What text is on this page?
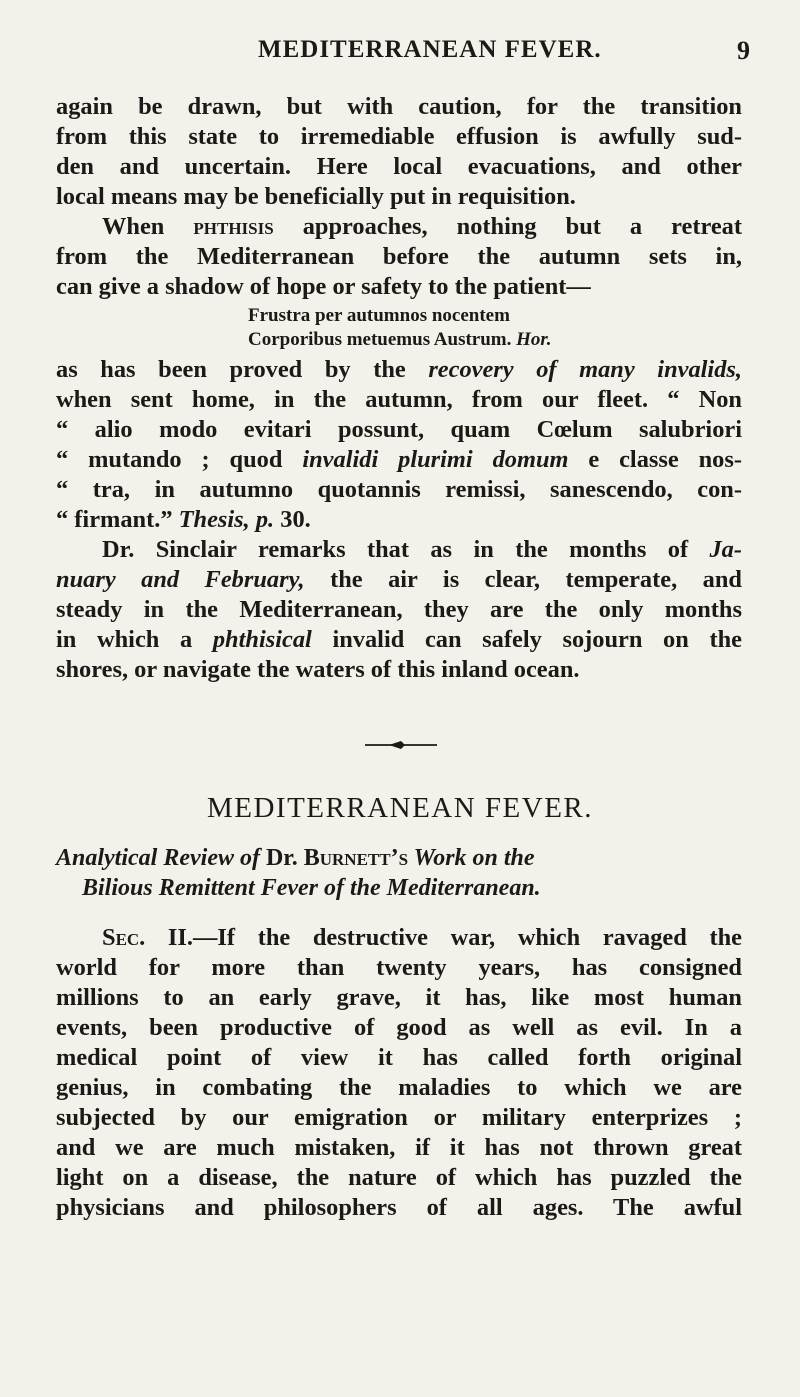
MEDITERRANEAN FEVER.	9
again be drawn, but with caution, for the transition
from this state to irremediable effusion is awfully sud-
den and uncertain. Here local evacuations, and other
local means may be beneficially put in requisition.
When phthisis approaches, nothing but a retreat
from the Mediterranean before the autumn sets in,
can give a shadow of hope or safety to the patient—
Frustra per autumnos nocentem
Corporibus metuemus Austrum. Hor.
as has been proved by the recovery of many invalids,
when sent home, in the autumn, from our fleet. “ Non
“ alio modo evitari possunt, quam Cœlum salubriori
“ mutando ; quod invalidi plurimi domum e classe nos-
“ tra, in autumno quotannis remissi, sanescendo, con-
“ firmant.” Thesis, p. 30.
Dr. Sinclair remarks that as in the months of Ja-
nuary and February, the air is clear, temperate, and
steady in the Mediterranean, they are the only months
in which a phthisical invalid can safely sojourn on the
shores, or navigate the waters of this inland ocean.
MEDITERRANEAN FEVER.
Analytical Review of Dr. Burnett’s Work on the
Bilious Remittent Fever of the Mediterranean.
Sec. II.—If the destructive war, which ravaged the
world for more than twenty years, has consigned
millions to an early grave, it has, like most human
events, been productive of good as well as evil. In a
medical point of view it has called forth original
genius, in combating the maladies to which we are
subjected by our emigration or military enterprizes ;
and we are much mistaken, if it has not thrown great
light on a disease, the nature of which has puzzled the
physicians and philosophers of all ages. The awful
